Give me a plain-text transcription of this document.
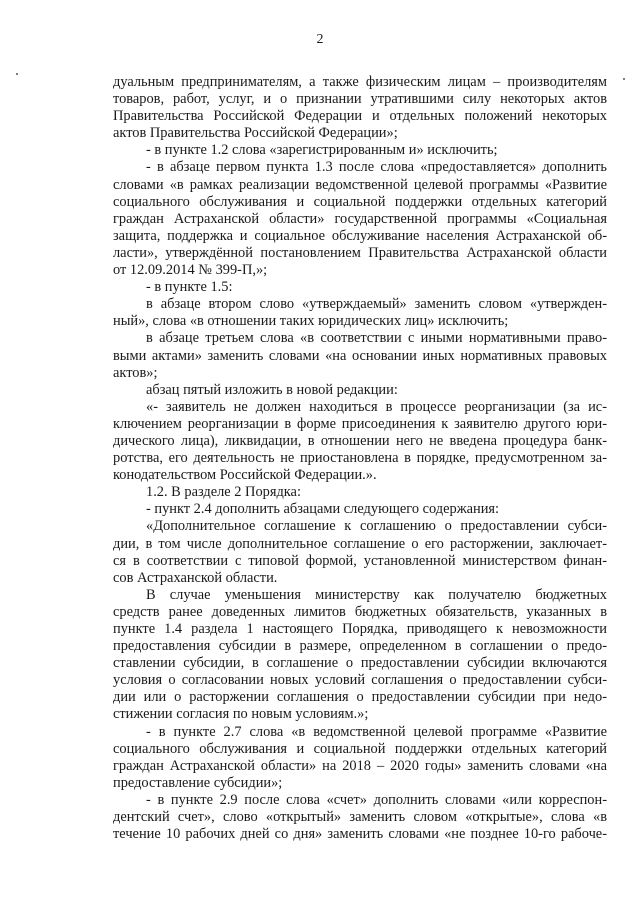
2

дуальным предпринимателям, а также физическим лицам – производителям

товаров, работ, услуг, и о признании утратившими силу некоторых актов

Правительства Российской Федерации и отдельных положений некоторых

актов Правительства Российской Федерации»;

- в пункте 1.2 слова «зарегистрированным и» исключить;

- в абзаце первом пункта 1.3 после слова «предоставляется» дополнить

словами «в рамках реализации ведомственной целевой программы «Развитие

социального обслуживания и социальной поддержки отдельных категорий

граждан Астраханской области» государственной программы «Социальная

защита, поддержка и социальное обслуживание населения Астраханской об-

ласти», утверждённой постановлением Правительства Астраханской области

от 12.09.2014 № 399-П,»;

- в пункте 1.5:

в абзаце втором слово «утверждаемый» заменить словом «утвержден-

ный», слова «в отношении таких юридических лиц» исключить;

в абзаце третьем слова «в соответствии с иными нормативными право-

выми актами» заменить словами «на основании иных нормативных правовых

актов»;

абзац пятый изложить в новой редакции:

«- заявитель не должен находиться в процессе реорганизации (за ис-

ключением реорганизации в форме присоединения к заявителю другого юри-

дического лица), ликвидации, в отношении него не введена процедура банк-

ротства, его деятельность не приостановлена в порядке, предусмотренном за-

конодательством Российской Федерации.».

1.2. В разделе 2 Порядка:

- пункт 2.4 дополнить абзацами следующего содержания:

«Дополнительное соглашение к соглашению о предоставлении субси-

дии, в том числе дополнительное соглашение о его расторжении, заключает-

ся в соответствии с типовой формой, установленной министерством финан-

сов Астраханской области.

В случае уменьшения министерству как получателю бюджетных

средств ранее доведенных лимитов бюджетных обязательств, указанных в

пункте 1.4 раздела 1 настоящего Порядка, приводящего к невозможности

предоставления субсидии в размере, определенном в соглашении о предо-

ставлении субсидии, в соглашение о предоставлении субсидии включаются

условия о согласовании новых условий соглашения о предоставлении субси-

дии или о расторжении соглашения о предоставлении субсидии при недо-

стижении согласия по новым условиям.»;

- в пункте 2.7 слова «в ведомственной целевой программе «Развитие

социального обслуживания и социальной поддержки отдельных категорий

граждан Астраханской области» на 2018 – 2020 годы» заменить словами «на

предоставление субсидии»;

- в пункте 2.9 после слова «счет» дополнить словами «или корреспон-

дентский счет», слово «открытый» заменить словом «открытые», слова «в

течение 10 рабочих дней со дня» заменить словами «не позднее 10-го рабоче-
